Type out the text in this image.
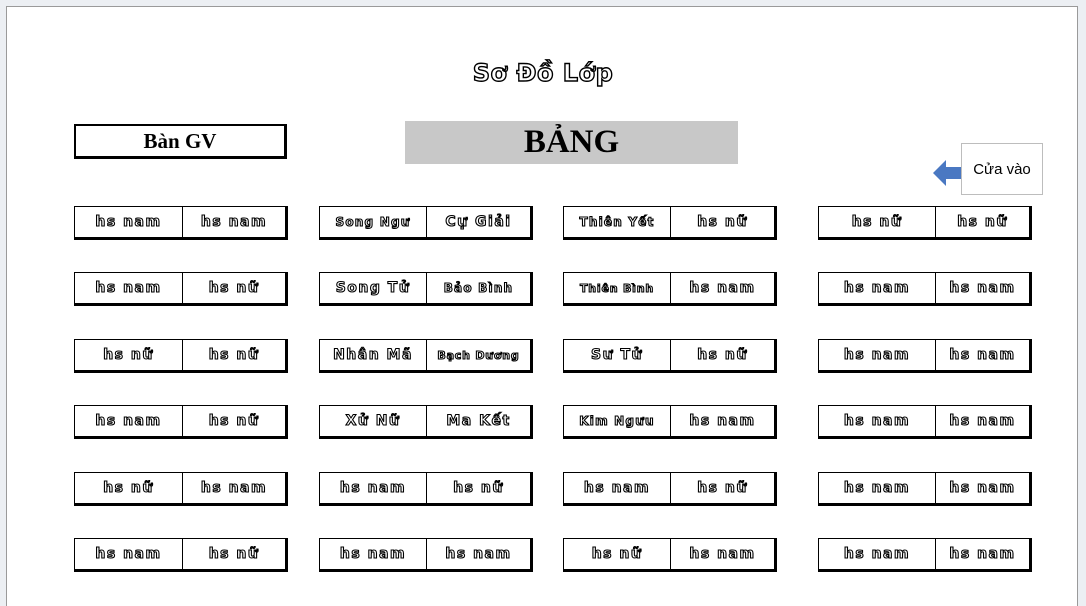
Sơ Đồ Lớp
Bàn GV	BẢNG
Cửa vào
hs nam	hs nam
hs nam	hs nữ
hs nữ	hs nữ
hs nam	hs nữ
hs nữ	hs nam
hs nam	hs nữ
Song Ngư	Cự Giải
Song Tử	Bảo Bình
Nhân Mã	Bạch Dương
Xử Nữ	Ma Kết
hs nam	hs nữ
hs nam	hs nam
Thiên Yết	hs nữ
Thiên Bình	hs nam
Sư Tử	hs nữ
Kim Ngưu	hs nam
hs nam	hs nữ
hs nữ	hs nam
hs nữ	hs nữ
hs nam	hs nam
hs nam	hs nam
hs nam	hs nam
hs nam	hs nam
hs nam	hs nam
